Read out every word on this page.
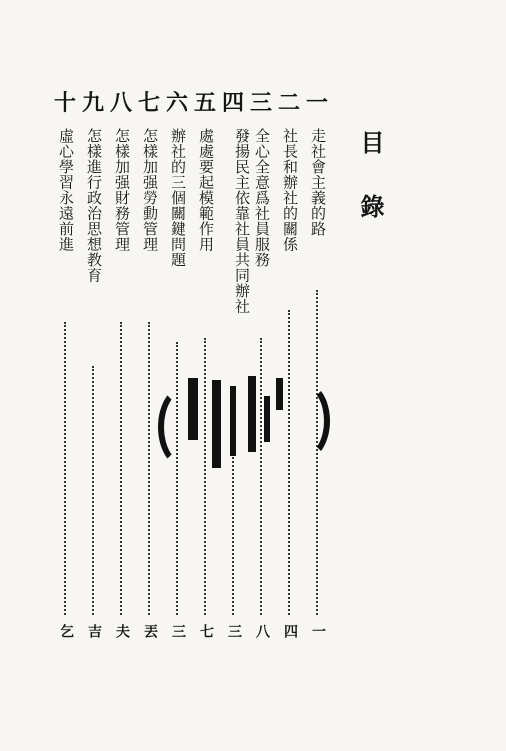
目錄
一
走社會主義的路
一
二
社長和辦社的關係
四
三
全心全意爲社員服務
八
四
發揚民主依靠社員共同辦社
三
五
處處要起模範作用
七
六
辦社的三個關鍵問題
三
七
怎樣加强勞動管理
丟
八
怎樣加强財務管理
夫
九
怎樣進行政治思想教育
吉
十
虛心學習永遠前進
乞
